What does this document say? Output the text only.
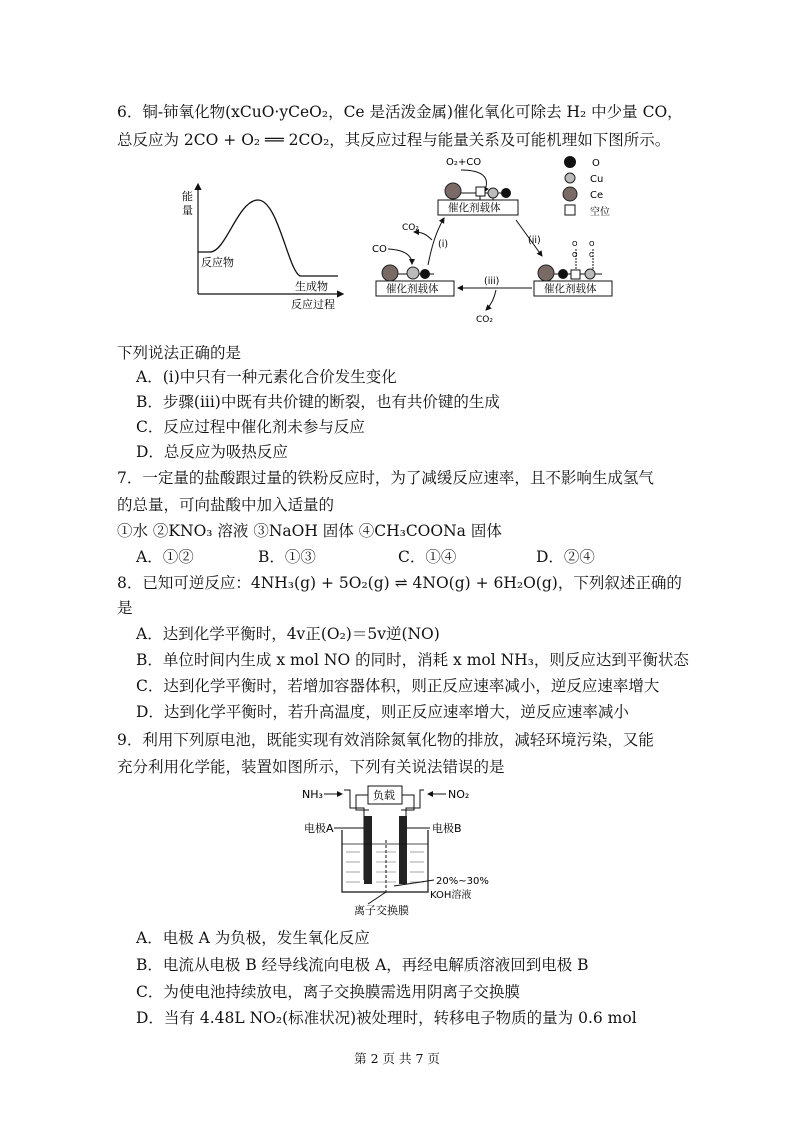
6．铜-铈氧化物(xCuO·yCeO₂，Ce 是活泼金属)催化氧化可除去 H₂ 中少量 CO，
总反应为 2CO + O₂ ══ 2CO₂，其反应过程与能量关系及可能机理如下图所示。
能
量
反应物
生成物
反应过程
O₂+CO
催化剂载体
CO
催化剂载体
(i)
CO₂
(ii)
催化剂载体
O
O
O
C
(iii)
CO₂
O
Cu
Ce
空位
下列说法正确的是
A．(i)中只有一种元素化合价发生变化
B．步骤(iii)中既有共价键的断裂，也有共价键的生成
C．反应过程中催化剂未参与反应
D．总反应为吸热反应
7．一定量的盐酸跟过量的铁粉反应时，为了减缓反应速率，且不影响生成氢气
的总量，可向盐酸中加入适量的
①水 ②KNO₃ 溶液 ③NaOH 固体 ④CH₃COONa 固体
A．①②	B．①③	C．①④	D．②④
8．已知可逆反应：4NH₃(g) + 5O₂(g) ⇌ 4NO(g) + 6H₂O(g)，下列叙述正确的
是
A．达到化学平衡时，4v正(O₂)＝5v逆(NO)
B．单位时间内生成 x mol NO 的同时，消耗 x mol NH₃，则反应达到平衡状态
C．达到化学平衡时，若增加容器体积，则正反应速率减小，逆反应速率增大
D．达到化学平衡时，若升高温度，则正反应速率增大，逆反应速率减小
9．利用下列原电池，既能实现有效消除氮氧化物的排放，减轻环境污染，又能
充分利用化学能，装置如图所示，下列有关说法错误的是
NH₃	NO₂
负载
电极A	电极B
20%~30%
KOH溶液
离子交换膜
A．电极 A 为负极，发生氧化反应
B．电流从电极 B 经导线流向电极 A，再经电解质溶液回到电极 B
C．为使电池持续放电，离子交换膜需选用阴离子交换膜
D．当有 4.48L NO₂(标准状况)被处理时，转移电子物质的量为 0.6 mol
第 2 页 共 7 页
